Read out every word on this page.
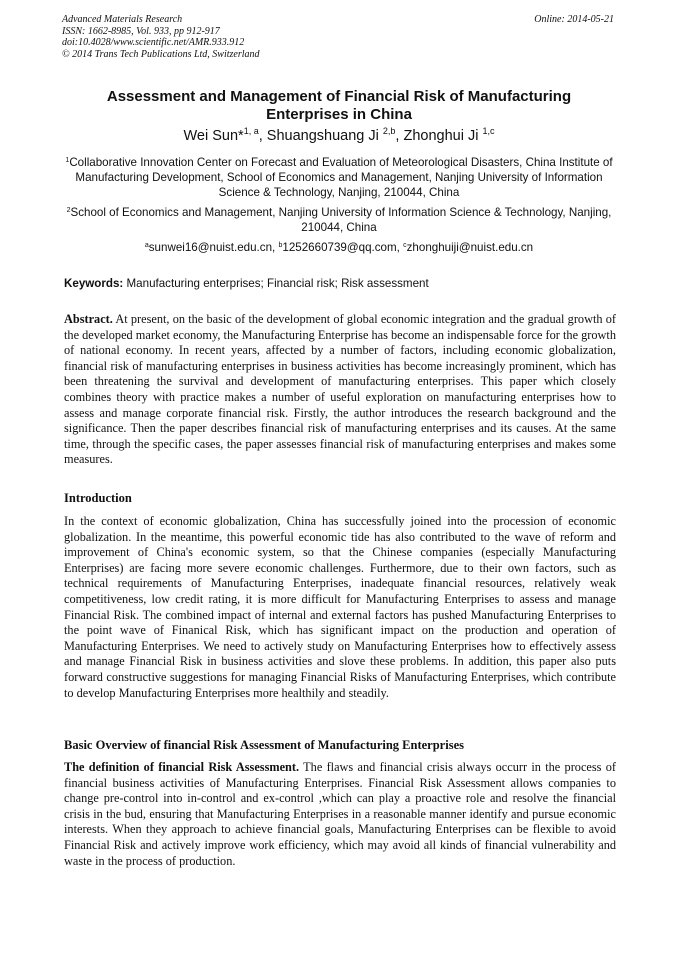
Advanced Materials Research
ISSN: 1662-8985, Vol. 933, pp 912-917
doi:10.4028/www.scientific.net/AMR.933.912
© 2014 Trans Tech Publications Ltd, Switzerland
Online: 2014-05-21
Assessment and Management of Financial Risk of Manufacturing Enterprises in China
Wei Sun*$^{1, a}$, Shuangshuang Ji $^{2,b}$, Zhonghui Ji $^{1,c}$
$^1$Collaborative Innovation Center on Forecast and Evaluation of Meteorological Disasters, China Institute of Manufacturing Development, School of Economics and Management, Nanjing University of Information Science & Technology, Nanjing, 210044, China
$^2$School of Economics and Management, Nanjing University of Information Science & Technology, Nanjing, 210044, China
$^a$sunwei16@nuist.edu.cn, $^b$1252660739@qq.com, $^c$zhonghuiji@nuist.edu.cn
Keywords: Manufacturing enterprises; Financial risk; Risk assessment
Abstract. At present, on the basic of the development of global economic integration and the gradual growth of the developed market economy, the Manufacturing Enterprise has become an indispensable force for the growth of national economy. In recent years, affected by a number of factors, including economic globalization, financial risk of manufacturing enterprises in business activities has become increasingly prominent, which has been threatening the survival and development of manufacturing enterprises. This paper which closely combines theory with practice makes a number of useful exploration on manufacturing enterprises how to assess and manage corporate financial risk. Firstly, the author introduces the research background and the significance. Then the paper describes financial risk of manufacturing enterprises and its causes. At the same time, through the specific cases, the paper assesses financial risk of manufacturing enterprises and makes some measures.
Introduction
In the context of economic globalization, China has successfully joined into the procession of economic globalization. In the meantime, this powerful economic tide has also contributed to the wave of reform and improvement of China's economic system, so that the Chinese companies (especially Manufacturing Enterprises) are facing more severe economic challenges. Furthermore, due to their own factors, such as technical requirements of Manufacturing Enterprises, inadequate financial resources, relatively weak competitiveness, low credit rating, it is more difficult for Manufacturing Enterprises to assess and manage Financial Risk. The combined impact of internal and external factors has pushed Manufacturing Enterprises to the point wave of Finanical Risk, which has significant impact on the production and operation of Manufacturing Enterprises. We need to actively study on Manufacturing Enterprises how to effectively assess and manage Financial Risk in business activities and slove these problems. In addition, this paper also puts forward constructive suggestions for managing Financial Risks of Manufacturing Enterprises, which contribute to develop Manufacturing Enterprises more healthily and steadily.
Basic Overview of financial Risk Assessment of Manufacturing Enterprises
The definition of financial Risk Assessment. The flaws and financial crisis always occurr in the process of financial business activities of Manufacturing Enterprises. Financial Risk Assessment allows companies to change pre-control into in-control and ex-control ,which can play a proactive role and resolve the financial crisis in the bud, ensuring that Manufacturing Enterprises in a reasonable manner identify and pursue economic interests. When they approach to achieve financial goals, Manufacturing Enterprises can be flexible to avoid Financial Risk and actively improve work efficiency, which may avoid all kinds of financial vulnerability and waste in the process of production.
